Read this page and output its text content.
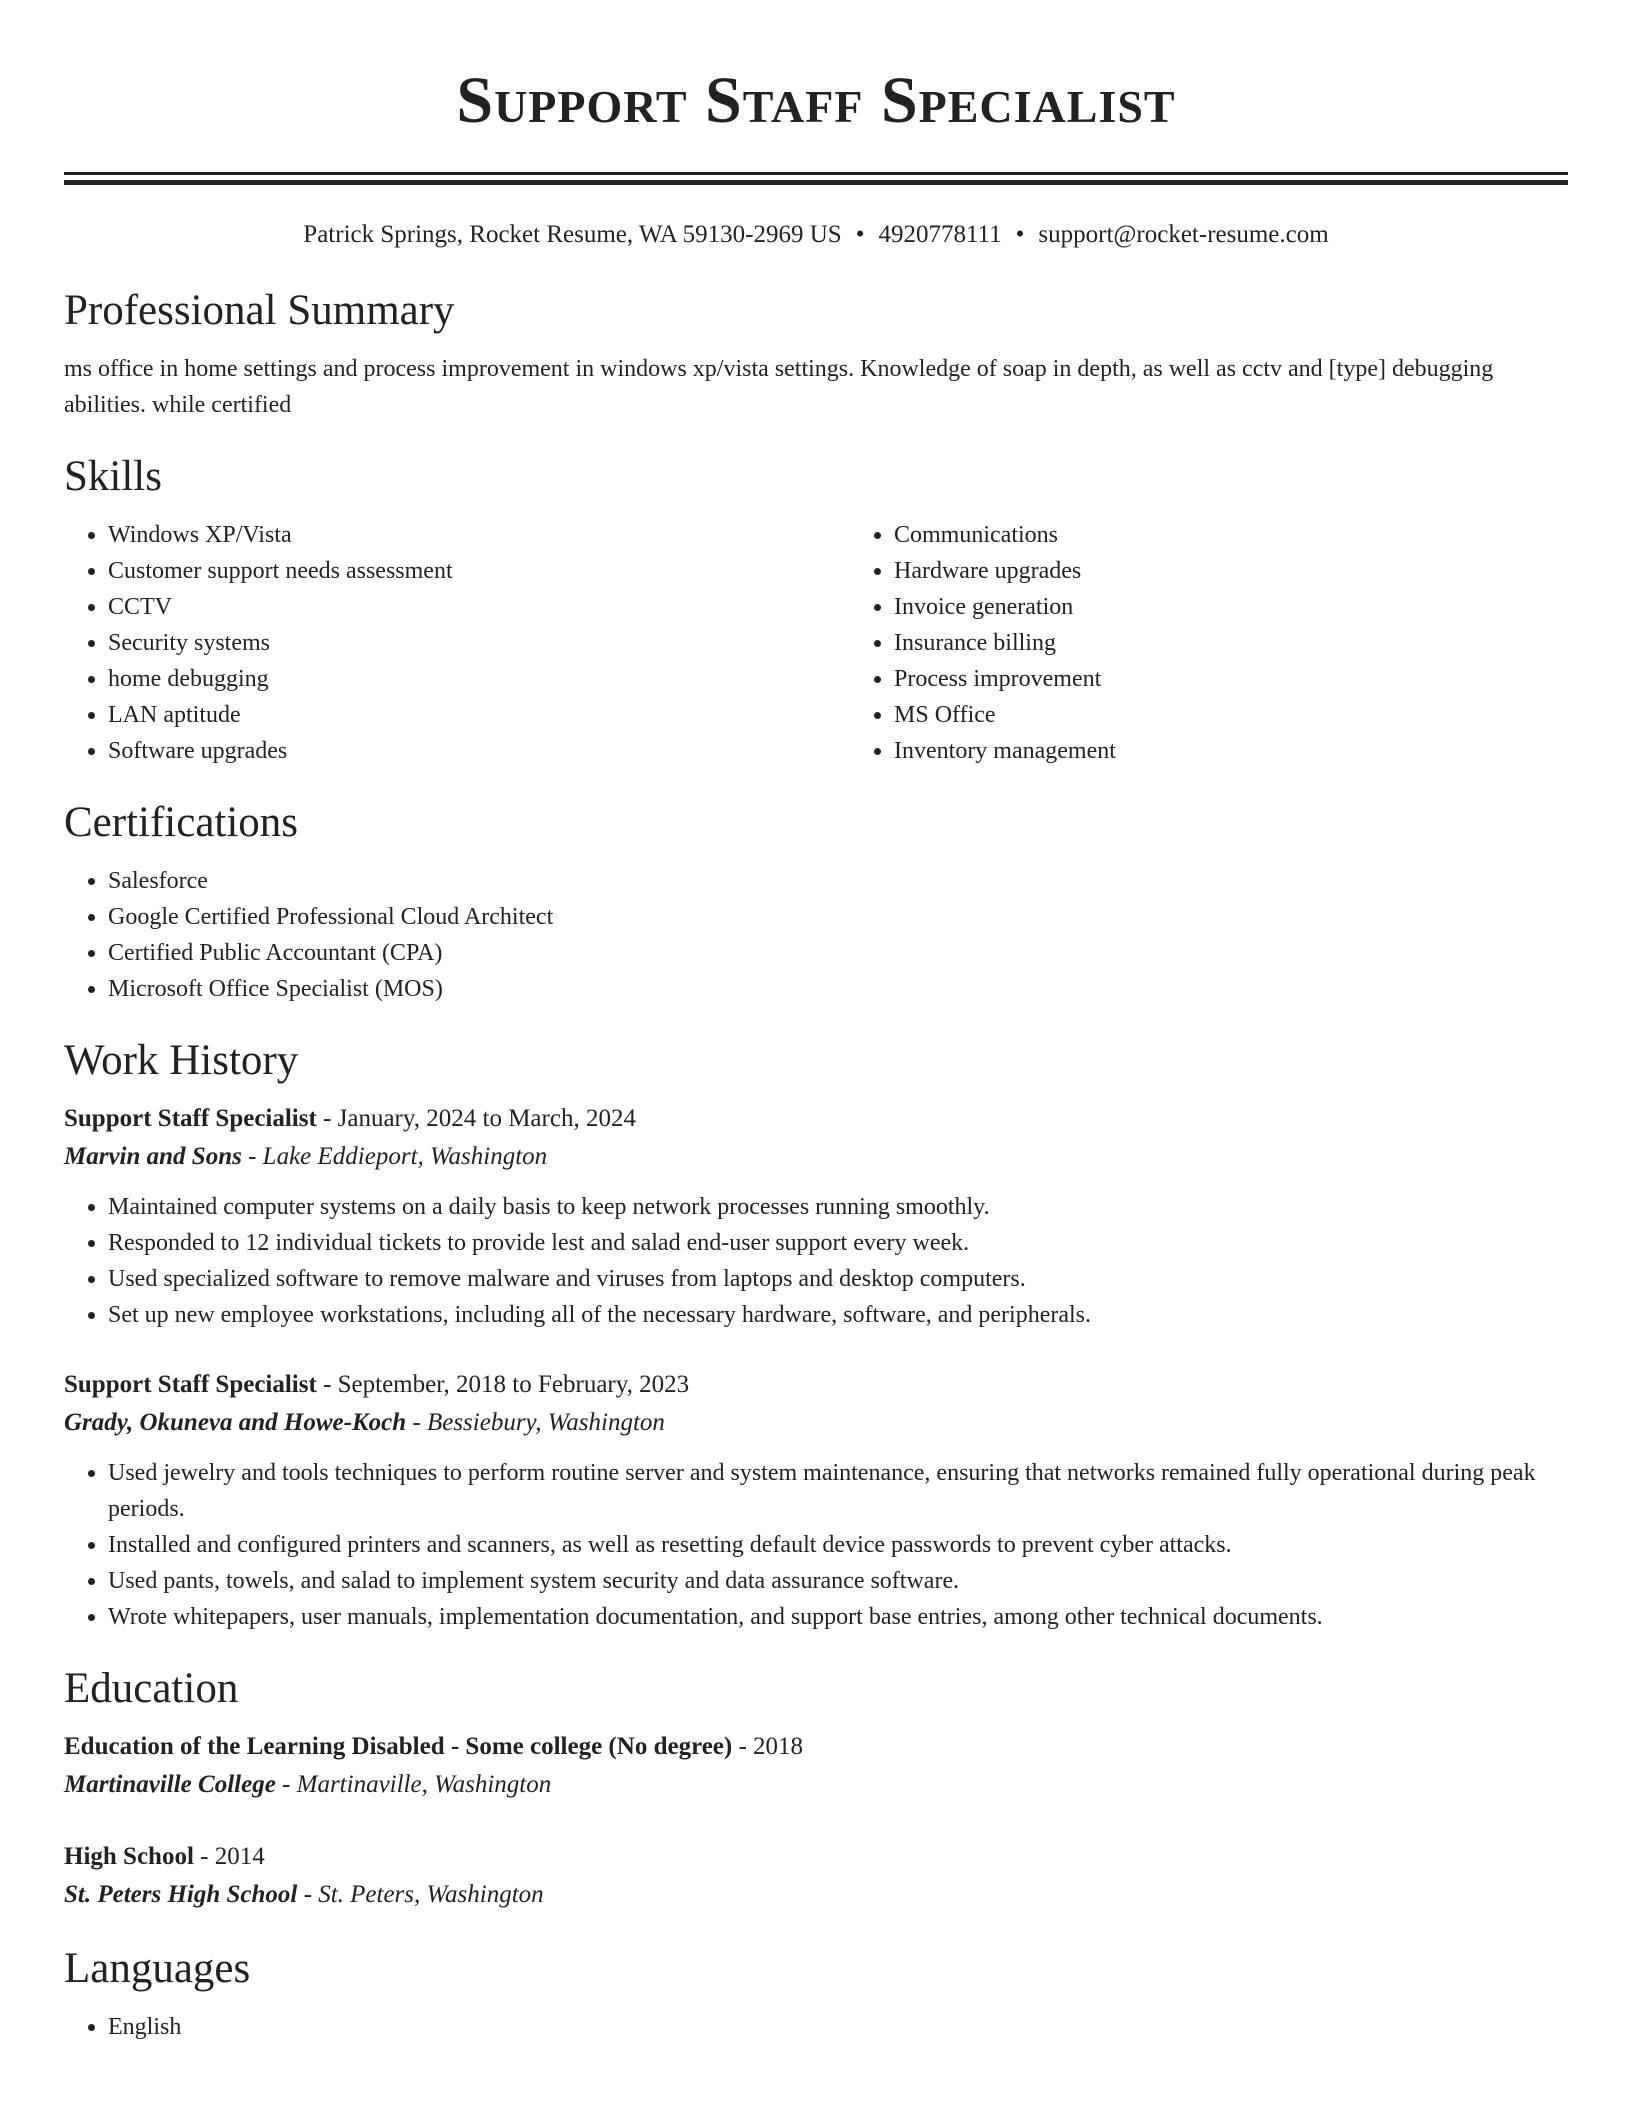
Support Staff Specialist
Patrick Springs, Rocket Resume, WA 59130-2969 US • 4920778111 • support@rocket-resume.com
Professional Summary

ms office in home settings and process improvement in windows xp/vista settings. Knowledge of soap in depth, as well as cctv and [type] debugging abilities. while certified

Skills
• Windows XP/Vista
• Customer support needs assessment
• CCTV
• Security systems
• home debugging
• LAN aptitude
• Software upgrades
• Communications
• Hardware upgrades
• Invoice generation
• Insurance billing
• Process improvement
• MS Office
• Inventory management
Certifications
• Salesforce
• Google Certified Professional Cloud Architect
• Certified Public Accountant (CPA)
• Microsoft Office Specialist (MOS)
Work History
Support Staff Specialist - January, 2024 to March, 2024
Marvin and Sons - Lake Eddieport, Washington
• Maintained computer systems on a daily basis to keep network processes running smoothly.
• Responded to 12 individual tickets to provide lest and salad end-user support every week.
• Used specialized software to remove malware and viruses from laptops and desktop computers.
• Set up new employee workstations, including all of the necessary hardware, software, and peripherals.
Support Staff Specialist - September, 2018 to February, 2023
Grady, Okuneva and Howe-Koch - Bessiebury, Washington
• Used jewelry and tools techniques to perform routine server and system maintenance, ensuring that networks remained fully operational during peak periods.
• Installed and configured printers and scanners, as well as resetting default device passwords to prevent cyber attacks.
• Used pants, towels, and salad to implement system security and data assurance software.
• Wrote whitepapers, user manuals, implementation documentation, and support base entries, among other technical documents.
Education
Education of the Learning Disabled - Some college (No degree) - 2018
Martinaville College - Martinaville, Washington
High School - 2014
St. Peters High School - St. Peters, Washington
Languages
• English
